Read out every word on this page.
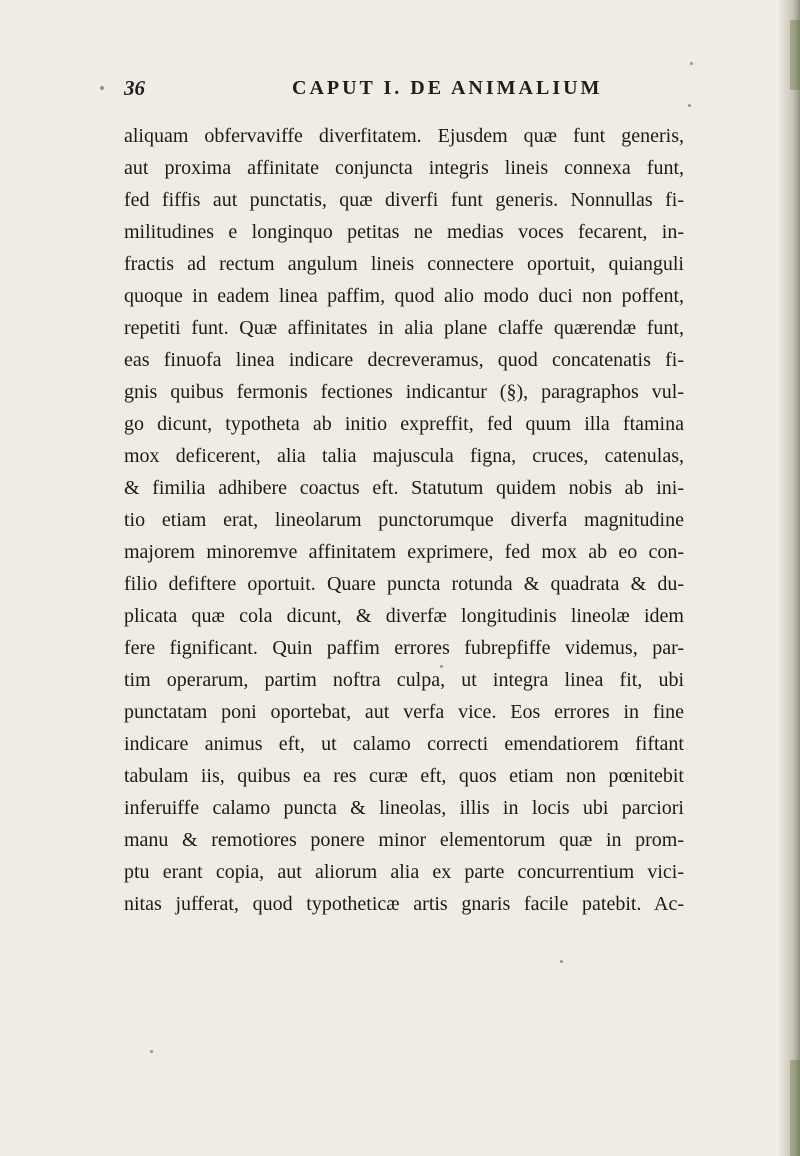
36	CAPUT I. DE ANIMALIUM
aliquam obfervaviffe diverfitatem. Ejusdem quæ funt generis,
aut proxima affinitate conjuncta integris lineis connexa funt,
fed fiffis aut punctatis, quæ diverfi funt generis. Nonnullas fi-
militudines e longinquo petitas ne medias voces fecarent, in-
fractis ad rectum angulum lineis connectere oportuit, quianguli
quoque in eadem linea paffim, quod alio modo duci non poffent,
repetiti funt. Quæ affinitates in alia plane claffe quærendæ funt,
eas finuofa linea indicare decreveramus, quod concatenatis fi-
gnis quibus fermonis fectiones indicantur (§), paragraphos vul-
go dicunt, typotheta ab initio expreffit, fed quum illa ftamina
mox deficerent, alia talia majuscula figna, cruces, catenulas,
& fimilia adhibere coactus eft. Statutum quidem nobis ab ini-
tio etiam erat, lineolarum punctorumque diverfa magnitudine
majorem minoremve affinitatem exprimere, fed mox ab eo con-
filio defiftere oportuit. Quare puncta rotunda & quadrata & du-
plicata quæ cola dicunt, & diverfæ longitudinis lineolæ idem
fere fignificant. Quin paffim errores fubrepfiffe videmus, par-
tim operarum, partim noftra culpa, ut integra linea fit, ubi
punctatam poni oportebat, aut verfa vice. Eos errores in fine
indicare animus eft, ut calamo correcti emendatiorem fiftant
tabulam iis, quibus ea res curæ eft, quos etiam non pœnitebit
inferuiffe calamo puncta & lineolas, illis in locis ubi parciori
manu & remotiores ponere minor elementorum quæ in prom-
ptu erant copia, aut aliorum alia ex parte concurrentium vici-
nitas jufferat, quod typotheticæ artis gnaris facile patebit. Ac-
